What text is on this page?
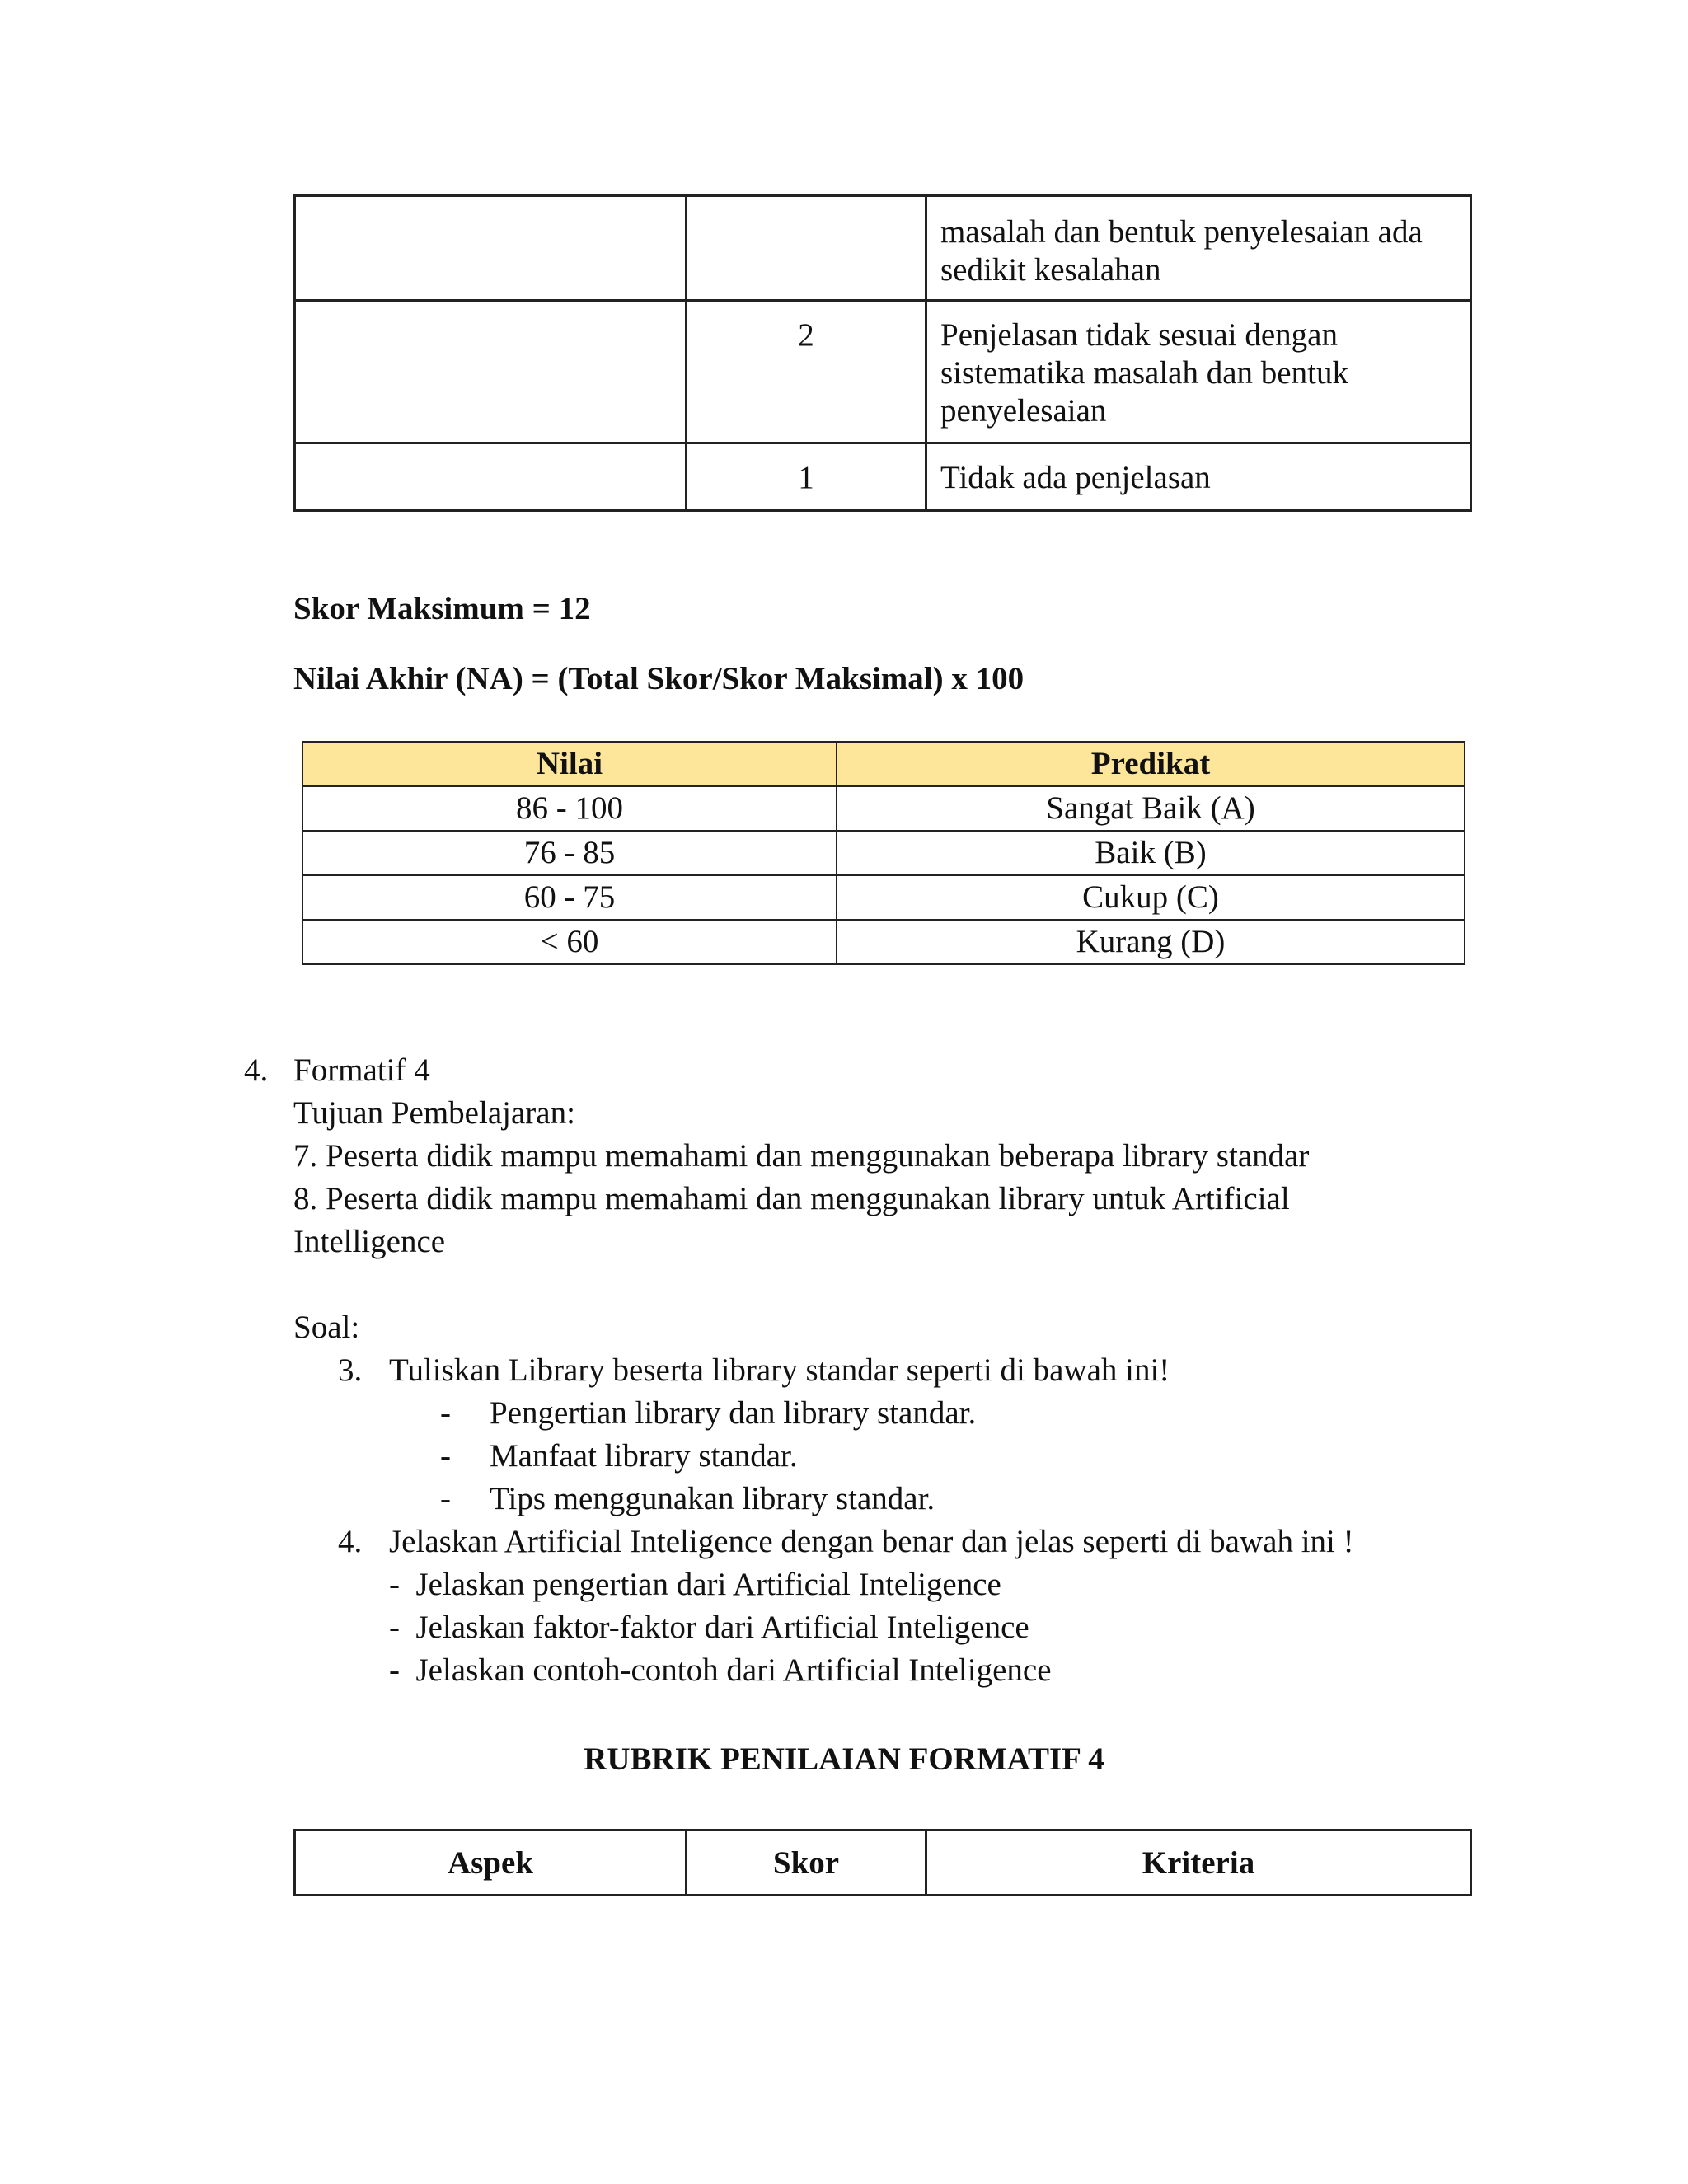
		masalah dan bentuk penyelesaian ada sedikit kesalahan
	2	Penjelasan tidak sesuai dengan sistematika masalah dan bentuk penyelesaian
	1	Tidak ada penjelasan
Skor Maksimum = 12
Nilai Akhir (NA) = (Total Skor/Skor Maksimal) x 100
Nilai	Predikat
86 - 100	Sangat Baik (A)
76 - 85	Baik (B)
60 - 75	Cukup (C)
< 60	Kurang (D)
4. Formatif 4
Tujuan Pembelajaran:
7. Peserta didik mampu memahami dan menggunakan beberapa library standar
8. Peserta didik mampu memahami dan menggunakan library untuk Artificial
Intelligence
Soal:
3. Tuliskan Library beserta library standar seperti di bawah ini!
- Pengertian library dan library standar.
- Manfaat library standar.
- Tips menggunakan library standar.
4. Jelaskan Artificial Inteligence dengan benar dan jelas seperti di bawah ini !
-  Jelaskan pengertian dari Artificial Inteligence
-  Jelaskan faktor-faktor dari Artificial Inteligence
-  Jelaskan contoh-contoh dari Artificial Inteligence
RUBRIK PENILAIAN FORMATIF 4
Aspek	Skor	Kriteria
